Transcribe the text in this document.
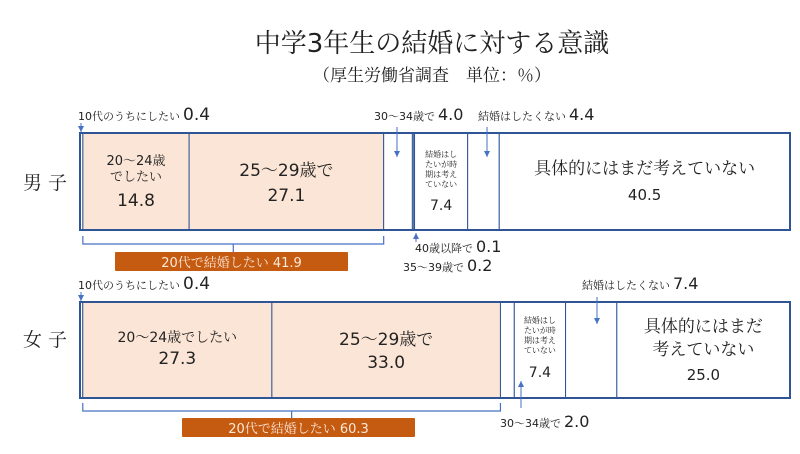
中学3年生の結婚に対する意識
（厚生労働省調査　単位：％）
男 子
女 子
20〜24歳でしたい
14.8
25〜29歳で
27.1
結婚はしたいが時期は考えていない
7.4
具体的にはまだ考えていない
40.5
20〜24歳でしたい
27.3
25〜29歳で
33.0
結婚はしたいが時期は考えていない
7.4
具体的にはまだ考えていない
25.0
20代で結婚したい 41.9
10代のうちにしたい 0.4
20代で結婚したい 60.3
10代のうちにしたい 0.4
30〜34歳で 4.0 結婚はしたくない 4.4
40歳以降で 0.1
35〜39歳で 0.2
結婚はしたくない 7.4
30〜34歳で 2.0
